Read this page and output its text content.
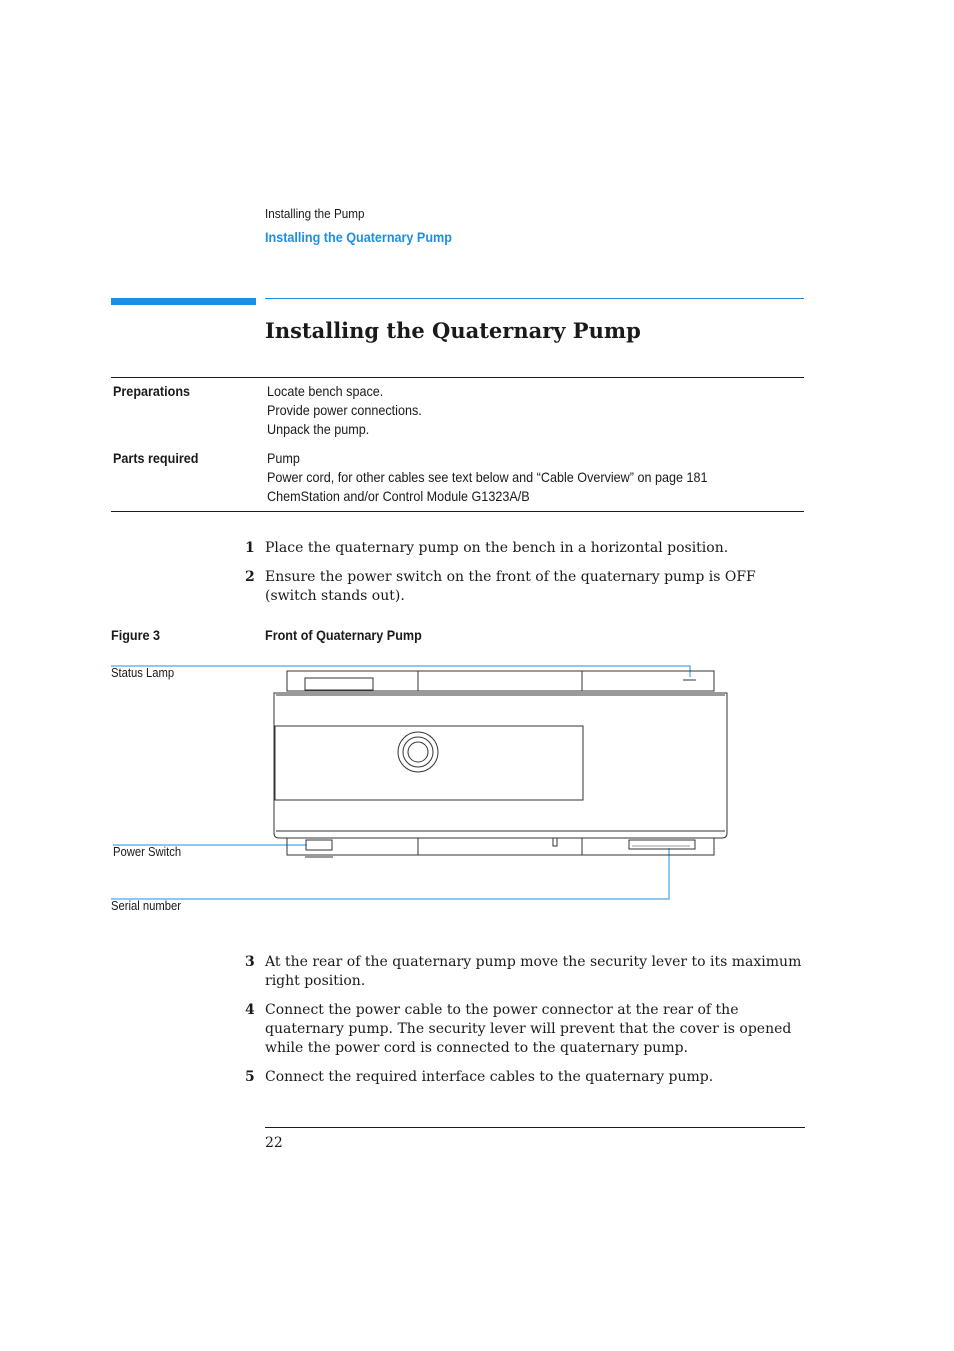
Installing the Pump
Installing the Quaternary Pump
Installing the Quaternary Pump
Preparations	Locate bench space.
Provide power connections.
Unpack the pump.
Parts required	Pump
Power cord, for other cables see text below and “Cable Overview” on page 181
ChemStation and/or Control Module G1323A/B
1 Place the quaternary pump on the bench in a horizontal position.
2 Ensure the power switch on the front of the quaternary pump is OFF (switch stands out).
Figure 3	Front of Quaternary Pump
Status Lamp
Power Switch
Serial number
3 At the rear of the quaternary pump move the security lever to its maximum right position.
4 Connect the power cable to the power connector at the rear of the quaternary pump. The security lever will prevent that the cover is opened while the power cord is connected to the quaternary pump.
5 Connect the required interface cables to the quaternary pump.
22
